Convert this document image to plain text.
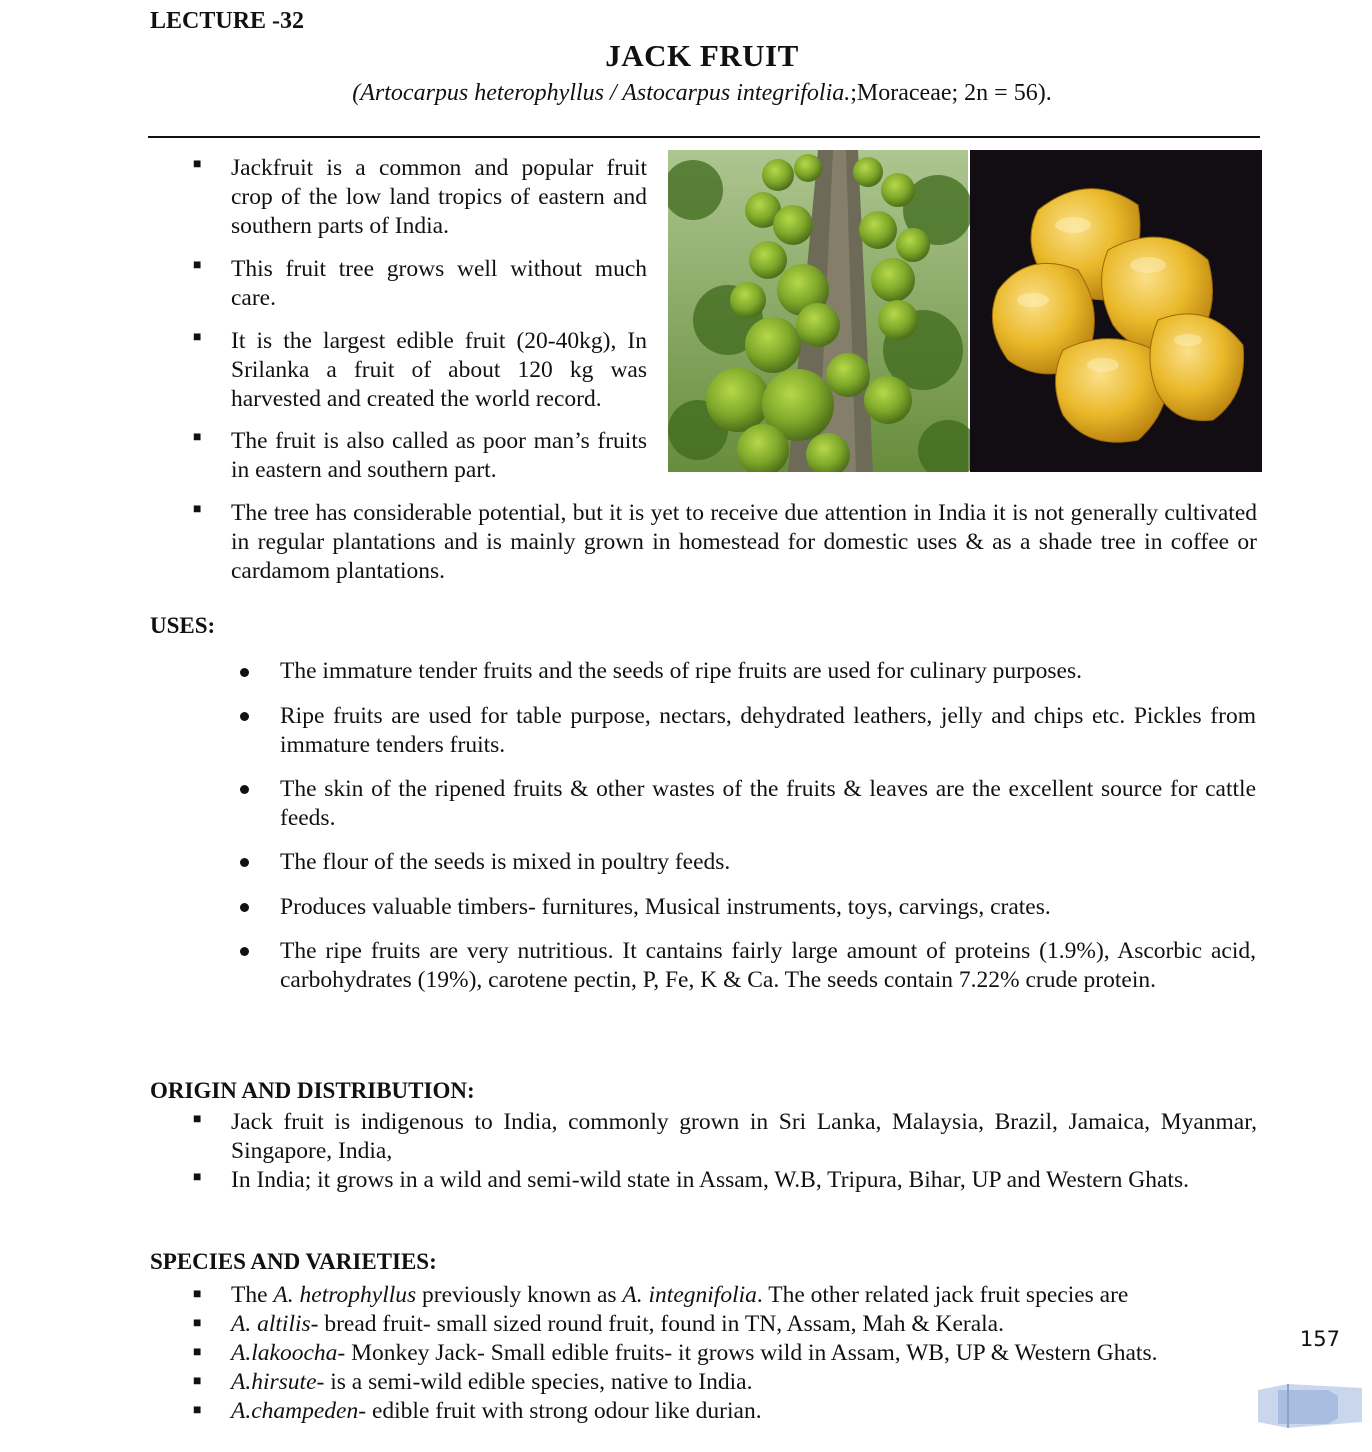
LECTURE -32
JACK FRUIT
(Artocarpus heterophyllus / Astocarpus integrifolia.;Moraceae; 2n = 56).
■ Jackfruit is a common and popular fruit crop of the low land tropics of eastern and southern parts of India.
■ This fruit tree grows well without much care.
■ It is the largest edible fruit (20-40kg), In Srilanka a fruit of about 120 kg was harvested and created the world record.
■ The fruit is also called as poor man’s fruits in eastern and southern part.
■ The tree has considerable potential, but it is yet to receive due attention in India it is not generally cultivated in regular plantations and is mainly grown in homestead for domestic uses & as a shade tree in coffee or cardamom plantations.
USES:
The immature tender fruits and the seeds of ripe fruits are used for culinary purposes.
Ripe fruits are used for table purpose, nectars, dehydrated leathers, jelly and chips etc. Pickles from immature tenders fruits.
The skin of the ripened fruits & other wastes of the fruits & leaves are the excellent source for cattle feeds.
The flour of the seeds is mixed in poultry feeds.
Produces valuable timbers- furnitures, Musical instruments, toys, carvings, crates.
The ripe fruits are very nutritious. It cantains fairly large amount of proteins (1.9%), Ascorbic acid, carbohydrates (19%), carotene pectin, P, Fe, K & Ca. The seeds contain 7.22% crude protein.
ORIGIN AND DISTRIBUTION:
■ Jack fruit is indigenous to India, commonly grown in Sri Lanka, Malaysia, Brazil, Jamaica, Myanmar, Singapore, India,
■ In India; it grows in a wild and semi-wild state in Assam, W.B, Tripura, Bihar, UP and Western Ghats.
SPECIES AND VARIETIES:
■ The A. hetrophyllus previously known as A. integnifolia. The other related jack fruit species are
■ A. altilis- bread fruit- small sized round fruit, found in TN, Assam, Mah & Kerala.
■ A.lakoocha- Monkey Jack- Small edible fruits- it grows wild in Assam, WB, UP & Western Ghats.
■ A.hirsute- is a semi-wild edible species, native to India.
■ A.champeden- edible fruit with strong odour like durian.
157
